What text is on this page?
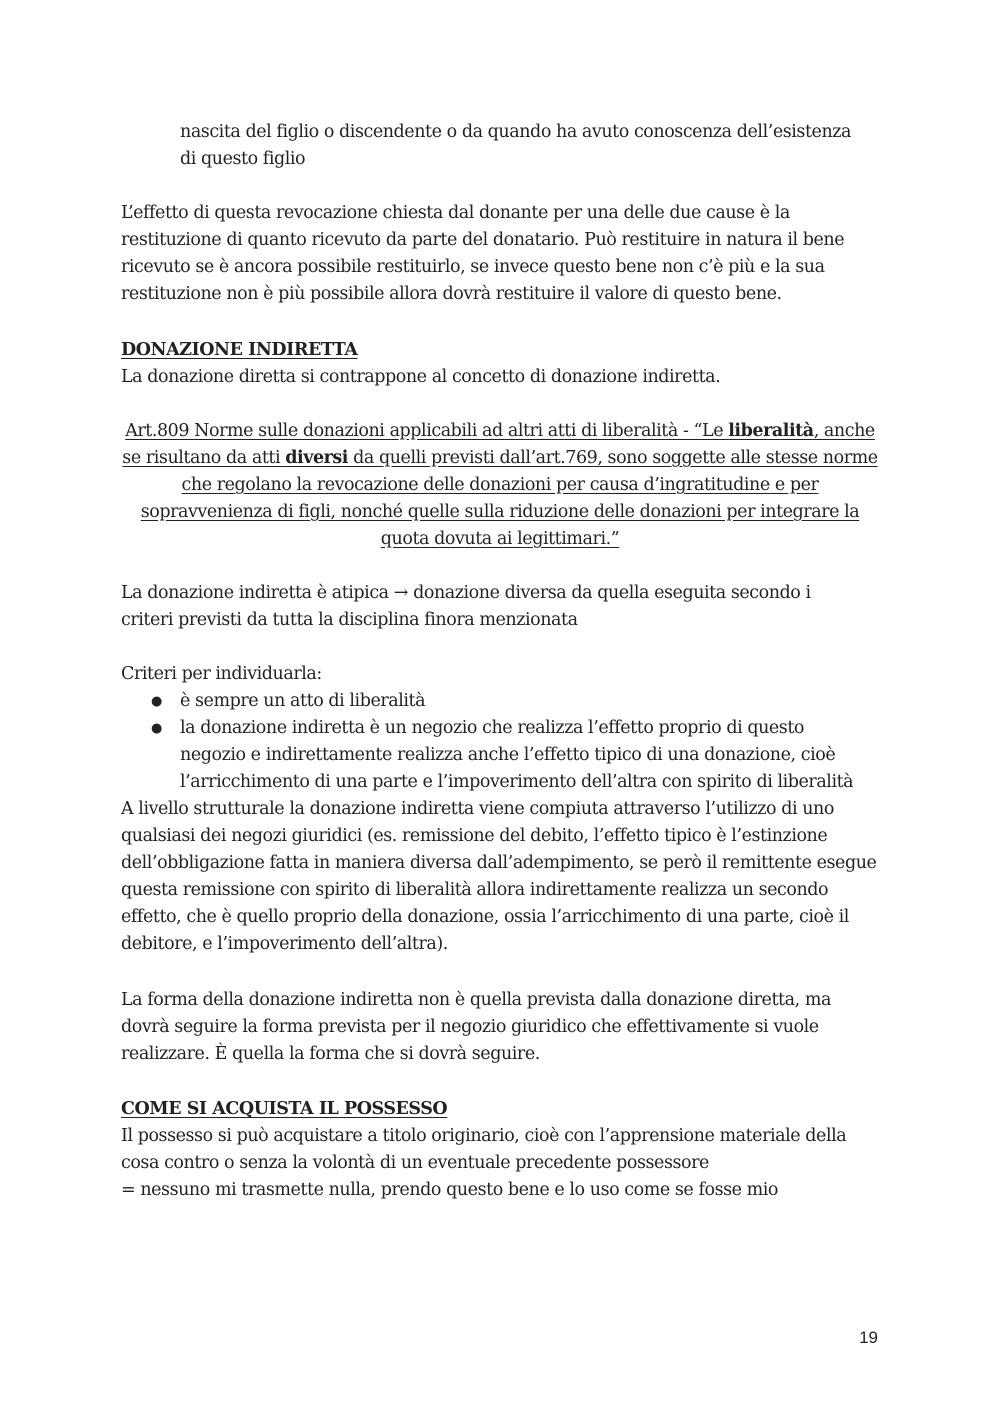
19
nascita del figlio o discendente o da quando ha avuto conoscenza dell’esistenza
di questo figlio
L’effetto di questa revocazione chiesta dal donante per una delle due cause è la
restituzione di quanto ricevuto da parte del donatario. Può restituire in natura il bene
ricevuto se è ancora possibile restituirlo, se invece questo bene non c’è più e la sua
restituzione non è più possibile allora dovrà restituire il valore di questo bene.
DONAZIONE INDIRETTA
La donazione diretta si contrappone al concetto di donazione indiretta.
Art.809 Norme sulle donazioni applicabili ad altri atti di liberalità - “Le liberalità, anche
se risultano da atti diversi da quelli previsti dall’art.769, sono soggette alle stesse norme
che regolano la revocazione delle donazioni per causa d’ingratitudine e per
sopravvenienza di figli, nonché quelle sulla riduzione delle donazioni per integrare la
quota dovuta ai legittimari.”
La donazione indiretta è atipica → donazione diversa da quella eseguita secondo i
criteri previsti da tutta la disciplina finora menzionata
Criteri per individuarla:
● è sempre un atto di liberalità
● la donazione indiretta è un negozio che realizza l’effetto proprio di questo
negozio e indirettamente realizza anche l’effetto tipico di una donazione, cioè
l’arricchimento di una parte e l’impoverimento dell’altra con spirito di liberalità
A livello strutturale la donazione indiretta viene compiuta attraverso l’utilizzo di uno
qualsiasi dei negozi giuridici (es. remissione del debito, l’effetto tipico è l’estinzione
dell’obbligazione fatta in maniera diversa dall’adempimento, se però il remittente esegue
questa remissione con spirito di liberalità allora indirettamente realizza un secondo
effetto, che è quello proprio della donazione, ossia l’arricchimento di una parte, cioè il
debitore, e l’impoverimento dell’altra).
La forma della donazione indiretta non è quella prevista dalla donazione diretta, ma
dovrà seguire la forma prevista per il negozio giuridico che effettivamente si vuole
realizzare. È quella la forma che si dovrà seguire.
COME SI ACQUISTA IL POSSESSO
Il possesso si può acquistare a titolo originario, cioè con l’apprensione materiale della
cosa contro o senza la volontà di un eventuale precedente possessore
= nessuno mi trasmette nulla, prendo questo bene e lo uso come se fosse mio
